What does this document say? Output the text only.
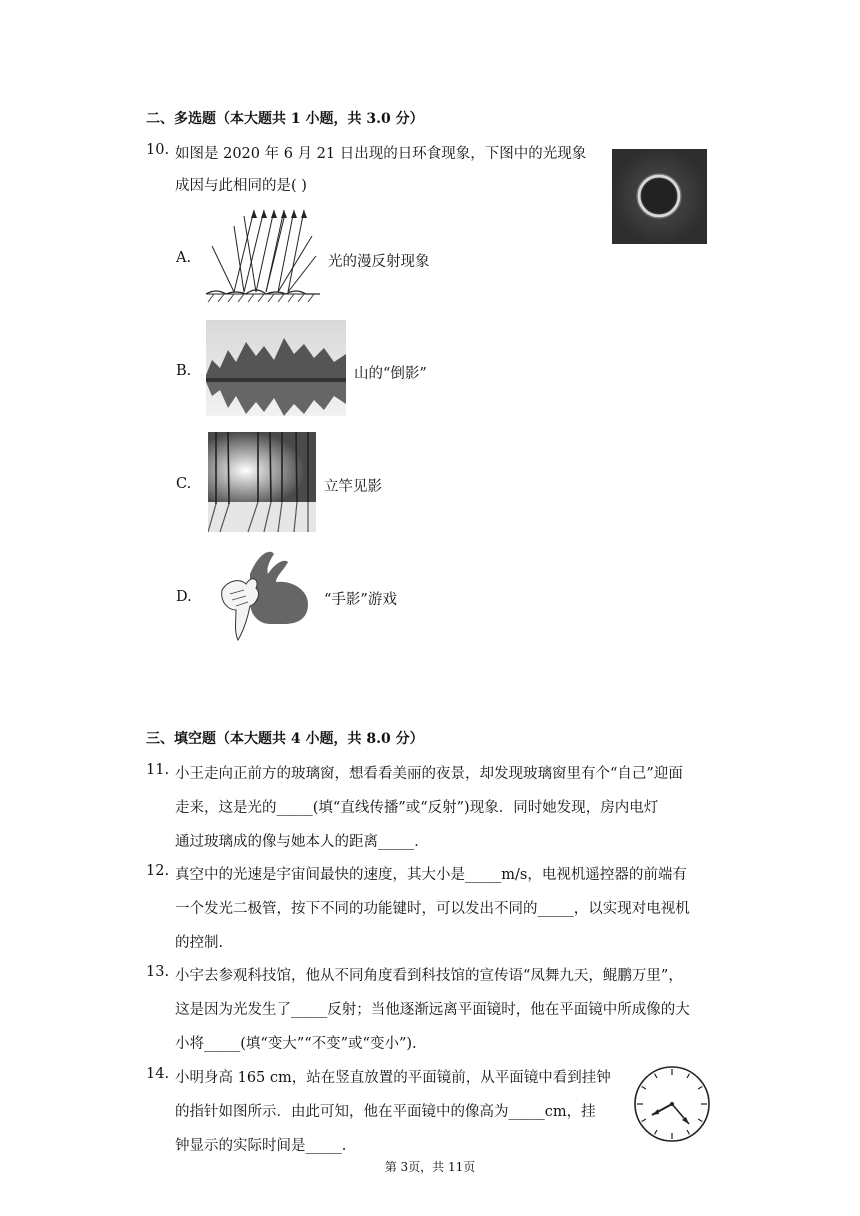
二、多选题（本大题共 1 小题，共 3.0 分）
10. 如图是 2020 年 6 月 21 日出现的日环食现象，下图中的光现象
成因与此相同的是( )
A.	光的漫反射现象
B.	山的“倒影”
C.	立竿见影
D.	“手影”游戏
三、填空题（本大题共 4 小题，共 8.0 分）
11. 小王走向正前方的玻璃窗，想看看美丽的夜景，却发现玻璃窗里有个“自己”迎面
走来，这是光的_____(填“直线传播”或“反射”)现象．同时她发现，房内电灯
通过玻璃成的像与她本人的距离_____．
12. 真空中的光速是宇宙间最快的速度，其大小是_____m/s，电视机遥控器的前端有
一个发光二极管，按下不同的功能键时，可以发出不同的_____，以实现对电视机
的控制.
13. 小宇去参观科技馆，他从不同角度看到科技馆的宣传语“凤舞九天，鲲鹏万里”，
这是因为光发生了_____反射；当他逐渐远离平面镜时，他在平面镜中所成像的大
小将_____(填“变大”“不变”或“变小”).
14. 小明身高 165 cm，站在竖直放置的平面镜前，从平面镜中看到挂钟
的指针如图所示．由此可知，他在平面镜中的像高为_____cm，挂
钟显示的实际时间是_____.
第 3页，共 11页
